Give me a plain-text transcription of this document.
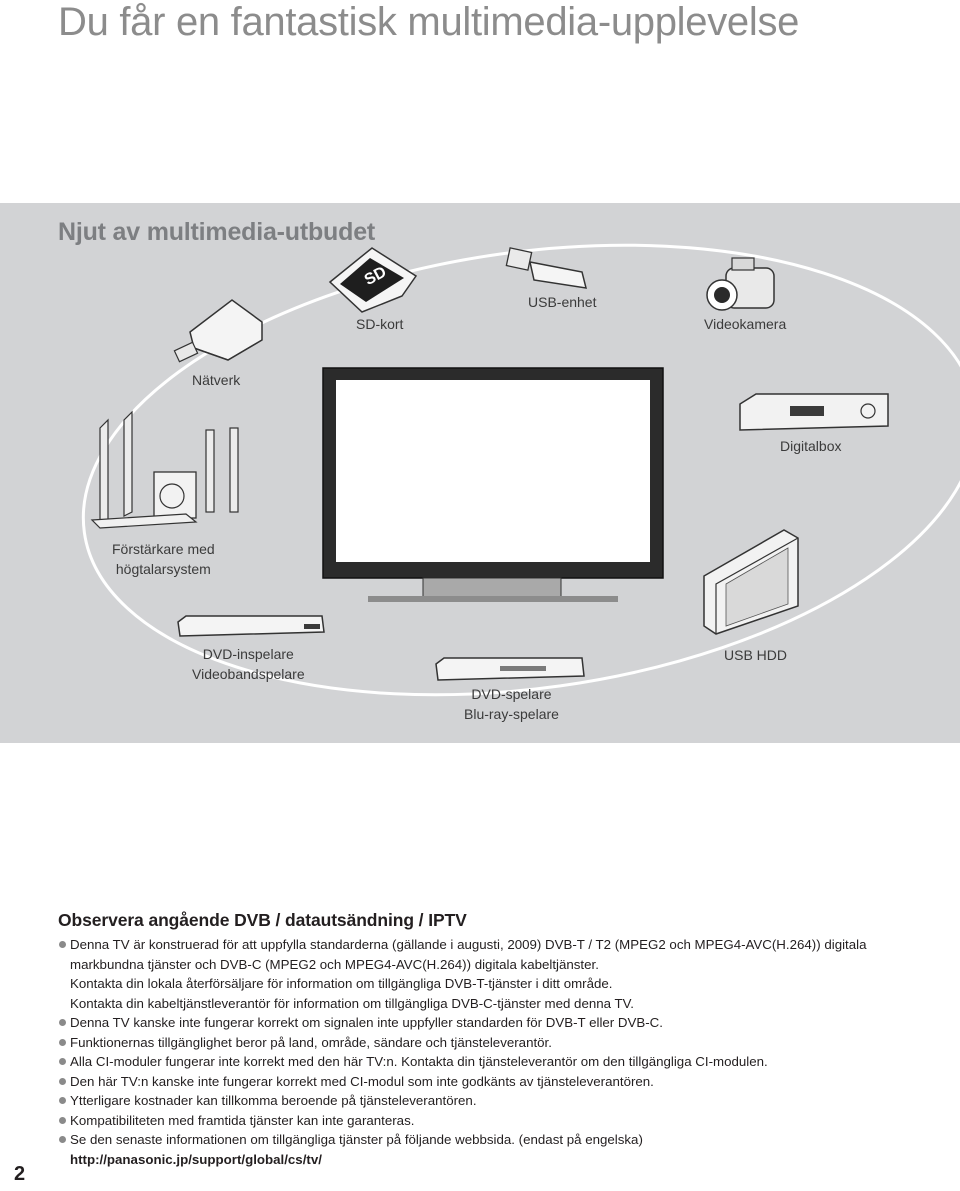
Du får en fantastisk multimedia-upplevelse
Njut av multimedia-utbudet
SD
SD-kort
USB-enhet
Videokamera
Nätverk
Digitalbox
Förstärkare med
högtalarsystem
DVD-inspelare
Videobandspelare
USB HDD
DVD-spelare
Blu-ray-spelare
Observera angående DVB / datautsändning / IPTV
Denna TV är konstruerad för att uppfylla standarderna (gällande i augusti, 2009) DVB-T / T2 (MPEG2 och MPEG4-AVC(H.264)) digitala markbundna tjänster och DVB-C (MPEG2 och MPEG4-AVC(H.264)) digitala kabeltjänster.
Kontakta din lokala återförsäljare för information om tillgängliga DVB-T-tjänster i ditt område.
Kontakta din kabeltjänstleverantör för information om tillgängliga DVB-C-tjänster med denna TV.
Denna TV kanske inte fungerar korrekt om signalen inte uppfyller standarden för DVB-T eller DVB-C.
Funktionernas tillgänglighet beror på land, område, sändare och tjänsteleverantör.
Alla CI-moduler fungerar inte korrekt med den här TV:n. Kontakta din tjänsteleverantör om den tillgängliga CI-modulen.
Den här TV:n kanske inte fungerar korrekt med CI-modul som inte godkänts av tjänsteleverantören.
Ytterligare kostnader kan tillkomma beroende på tjänsteleverantören.
Kompatibiliteten med framtida tjänster kan inte garanteras.
Se den senaste informationen om tillgängliga tjänster på följande webbsida. (endast på engelska)
http://panasonic.jp/support/global/cs/tv/
2
